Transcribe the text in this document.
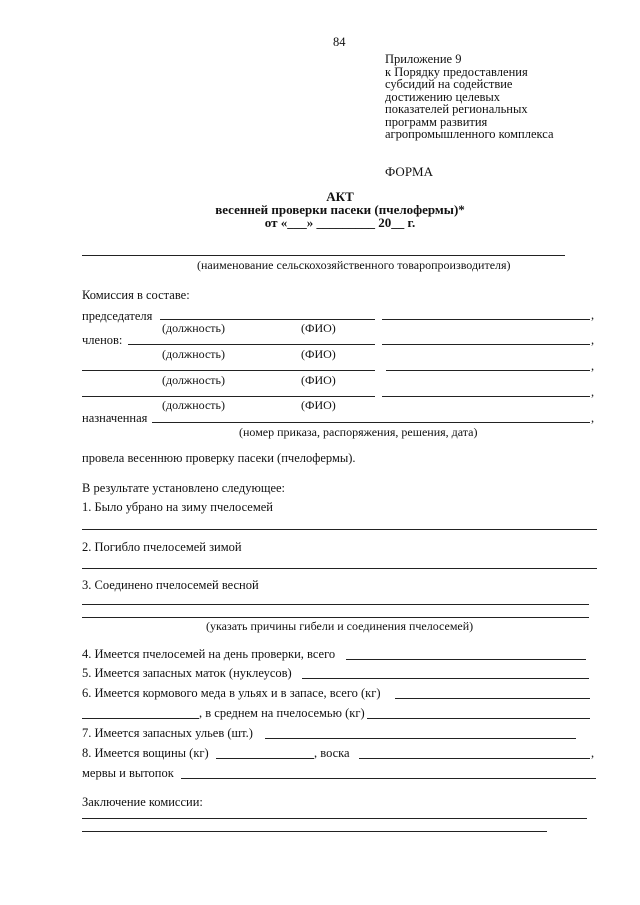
84
Приложение 9
к Порядку предоставления
субсидий на содействие
достижению целевых
показателей региональных
программ развития
агропромышленного комплекса
ФОРМА
АКТ
весенней проверки пасеки (пчелофермы)*
от «___» _________ 20__ г.
(наименование сельскохозяйственного товаропроизводителя)
Комиссия в составе:
председателя	,
(должность)	(ФИО)
членов:	,
(должность)	(ФИО)
,
(должность)	(ФИО)
,
(должность)	(ФИО)
назначенная	,
(номер приказа, распоряжения, решения, дата)
провела весеннюю проверку пасеки (пчелофермы).
В результате установлено следующее:
1. Было убрано на зиму пчелосемей
2. Погибло пчелосемей зимой
3. Соединено пчелосемей весной
(указать причины гибели и соединения пчелосемей)
4. Имеется пчелосемей на день проверки, всего
5. Имеется запасных маток (нуклеусов)
6. Имеется кормового меда в ульях и в запасе, всего (кг)
, в среднем на пчелосемью (кг)
7. Имеется запасных ульев (шт.)
8. Имеется вощины (кг)	, воска	,
мервы и вытопок
Заключение комиссии:
